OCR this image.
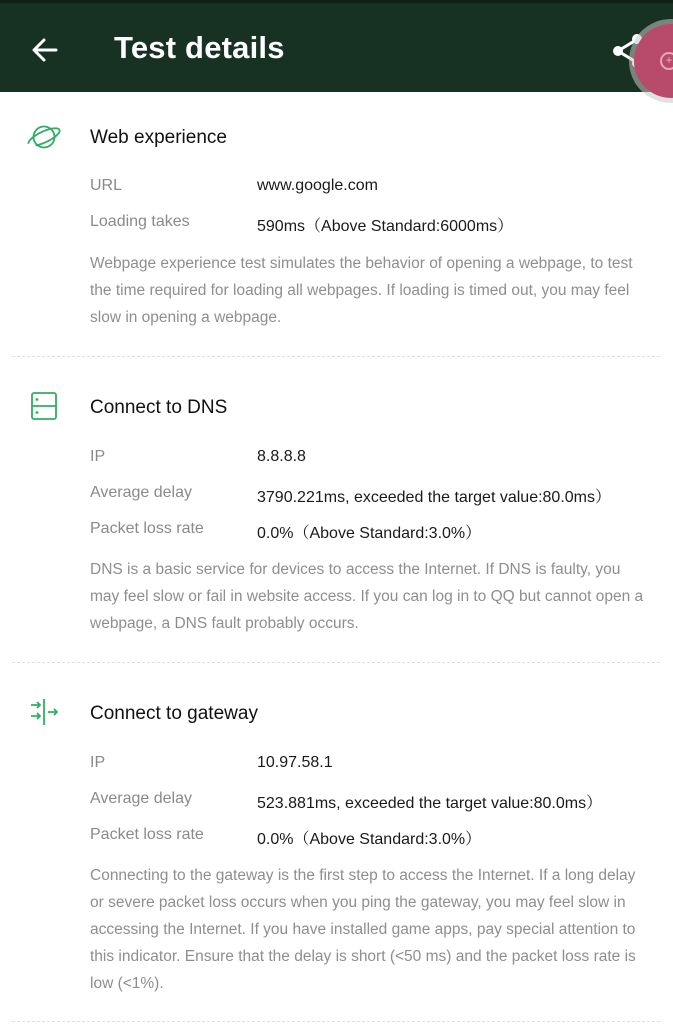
Test details	+
Web experience
URL	www.google.com
Loading takes	590ms（Above Standard:6000ms）
Webpage experience test simulates the behavior of opening a webpage, to test the time required for loading all webpages. If loading is timed out, you may feel slow in opening a webpage.
Connect to DNS
IP	8.8.8.8
Average delay	3790.221ms, exceeded the target value:80.0ms）
Packet loss rate	0.0%（Above Standard:3.0%）
DNS is a basic service for devices to access the Internet. If DNS is faulty, you may feel slow or fail in website access. If you can log in to QQ but cannot open a webpage, a DNS fault probably occurs.
Connect to gateway
IP	10.97.58.1
Average delay	523.881ms, exceeded the target value:80.0ms）
Packet loss rate	0.0%（Above Standard:3.0%）
Connecting to the gateway is the first step to access the Internet. If a long delay or severe packet loss occurs when you ping the gateway, you may feel slow in accessing the Internet. If you have installed game apps, pay special attention to this indicator. Ensure that the delay is short (<50 ms) and the packet loss rate is low (<1%).
